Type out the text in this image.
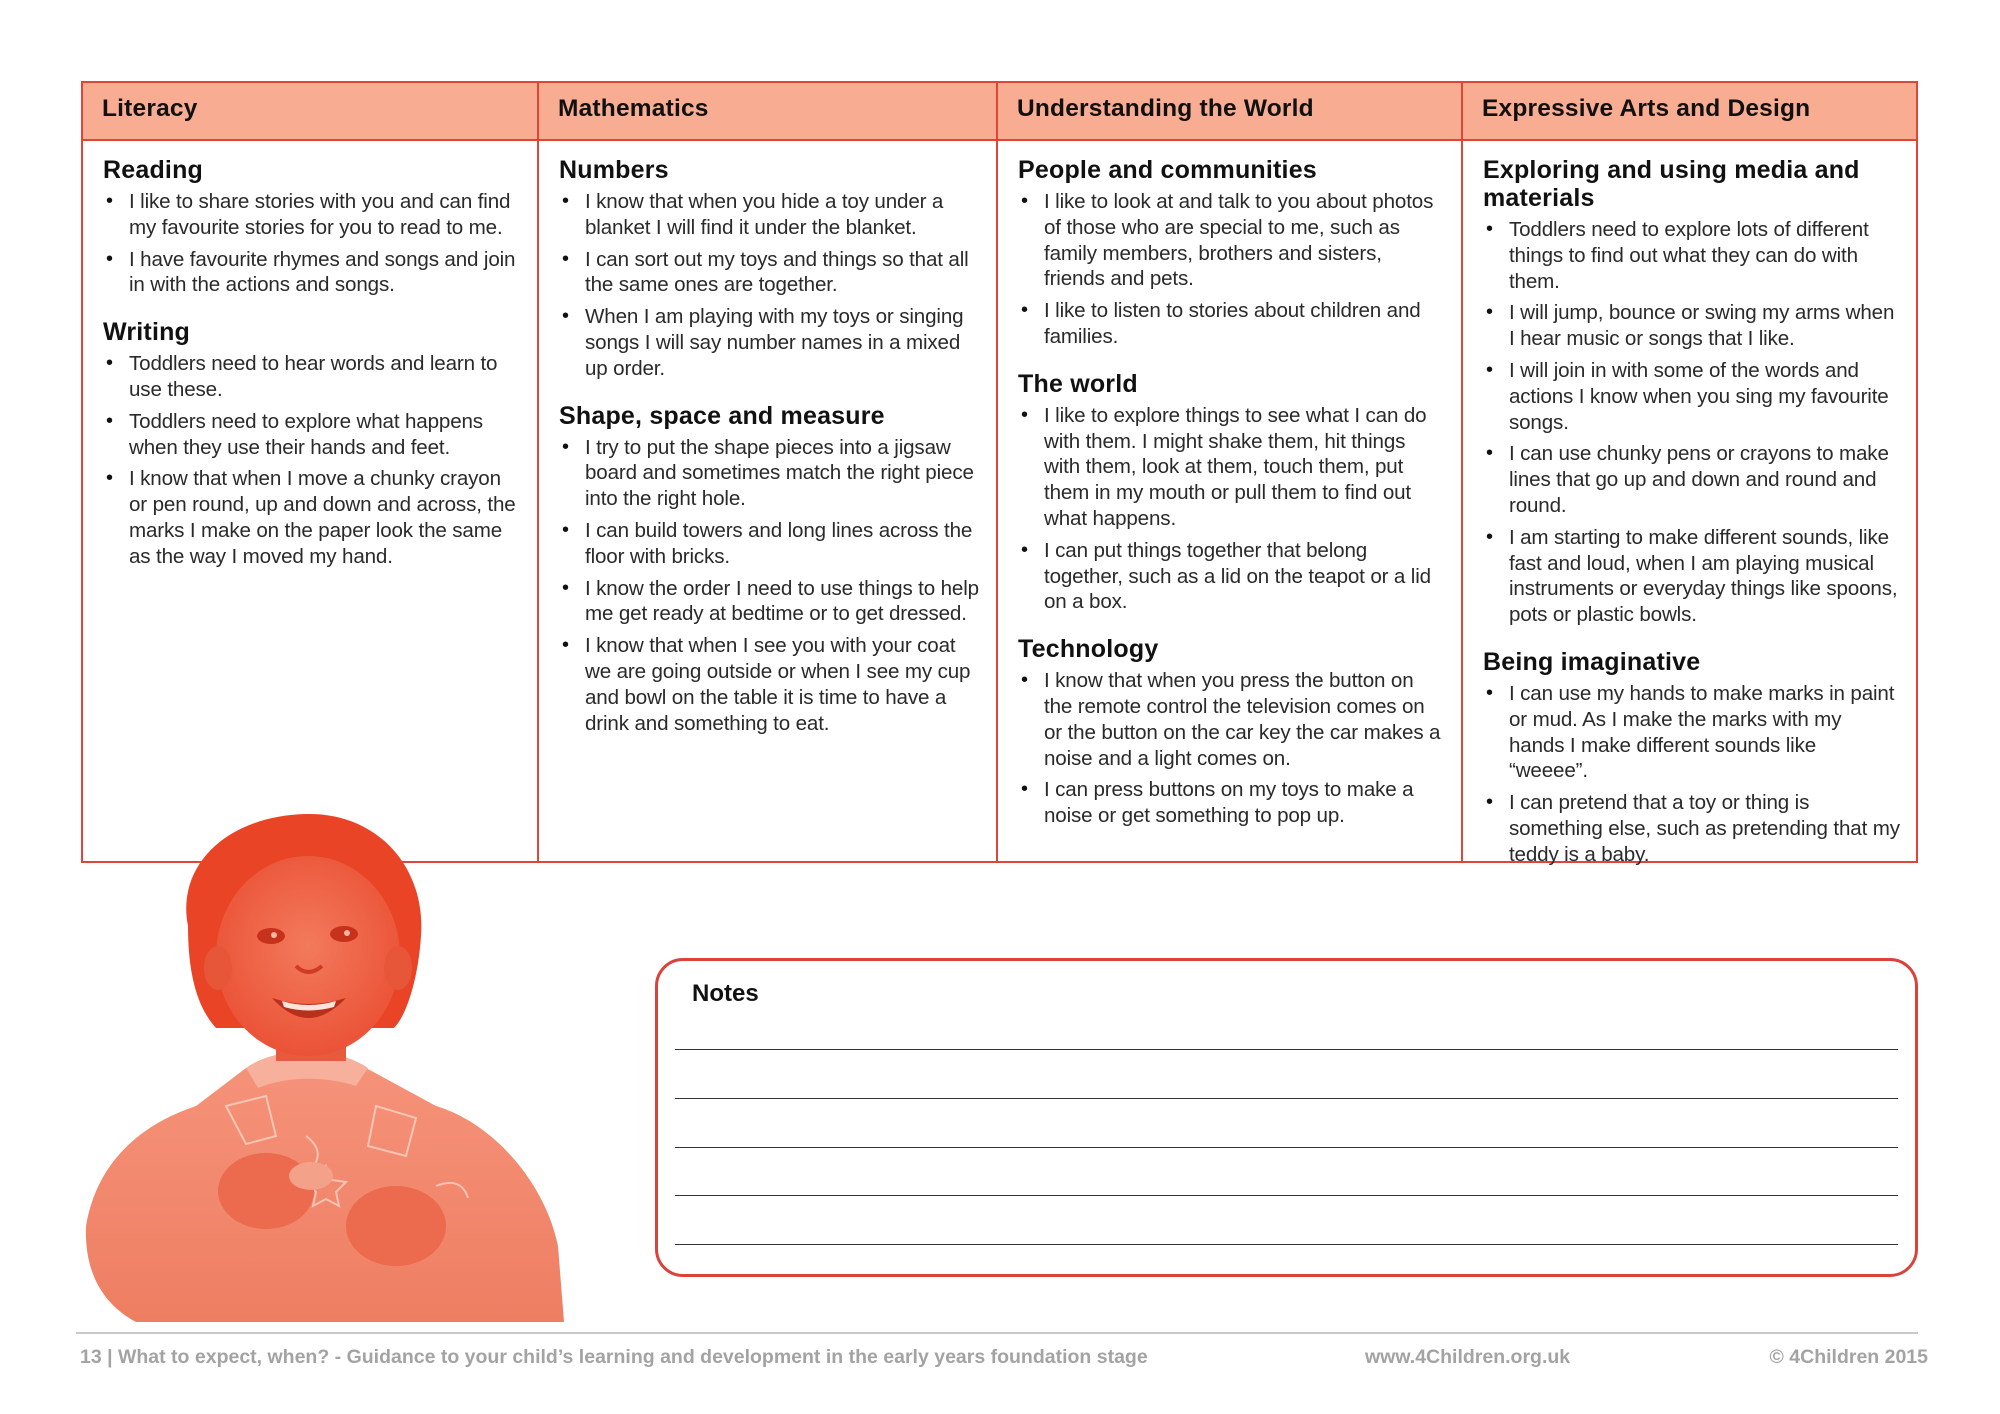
Literacy
Reading
• I like to share stories with you and can find my favourite stories for you to read to me.
• I have favourite rhymes and songs and join in with the actions and songs.
Writing
• Toddlers need to hear words and learn to use these.
• Toddlers need to explore what happens when they use their hands and feet.
• I know that when I move a chunky crayon or pen round, up and down and across, the marks I make on the paper look the same as the way I moved my hand.
Mathematics
Numbers
• I know that when you hide a toy under a blanket I will find it under the blanket.
• I can sort out my toys and things so that all the same ones are together.
• When I am playing with my toys or singing songs I will say number names in a mixed up order.
Shape, space and measure
• I try to put the shape pieces into a jigsaw board and sometimes match the right piece into the right hole.
• I can build towers and long lines across the floor with bricks.
• I know the order I need to use things to help me get ready at bedtime or to get dressed.
• I know that when I see you with your coat we are going outside or when I see my cup and bowl on the table it is time to have a drink and something to eat.
Understanding the World
People and communities
• I like to look at and talk to you about photos of those who are special to me, such as family members, brothers and sisters, friends and pets.
• I like to listen to stories about children and families.
The world
• I like to explore things to see what I can do with them. I might shake them, hit things with them, look at them, touch them, put them in my mouth or pull them to find out what happens.
• I can put things together that belong together, such as a lid on the teapot or a lid on a box.
Technology
• I know that when you press the button on the remote control the television comes on or the button on the car key the car makes a noise and a light comes on.
• I can press buttons on my toys to make a noise or get something to pop up.
Expressive Arts and Design
Exploring and using media and materials
• Toddlers need to explore lots of different things to find out what they can do with them.
• I will jump, bounce or swing my arms when I hear music or songs that I like.
• I will join in with some of the words and actions I know when you sing my favourite songs.
• I can use chunky pens or crayons to make lines that go up and down and round and round.
• I am starting to make different sounds, like fast and loud, when I am playing musical instruments or everyday things like spoons, pots or plastic bowls.
Being imaginative
• I can use my hands to make marks in paint or mud. As I make the marks with my hands I make different sounds like “weeee”.
• I can pretend that a toy or thing is something else, such as pretending that my teddy is a baby.
Notes
13 | What to expect, when? - Guidance to your child’s learning and development in the early years foundation stage	www.4Children.org.uk	© 4Children 2015
